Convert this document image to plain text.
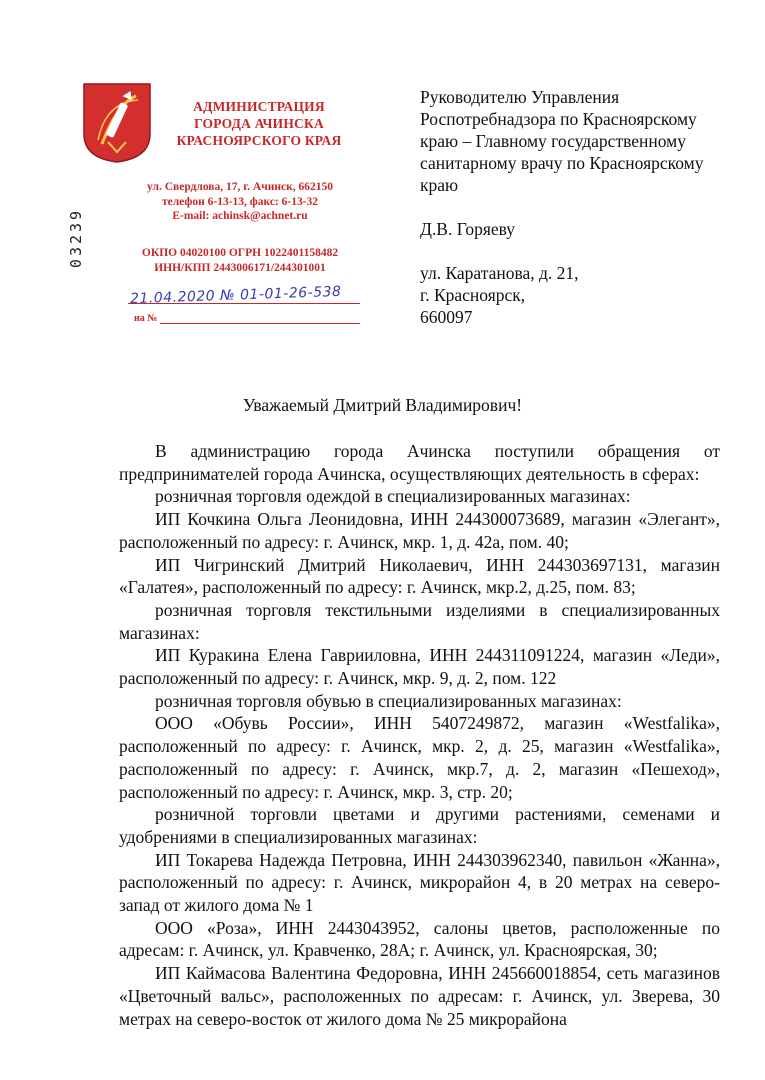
АДМИНИСТРАЦИЯ
ГОРОДА АЧИНСКА
КРАСНОЯРСКОГО КРАЯ
ул. Свердлова, 17, г. Ачинск, 662150
телефон 6-13-13, факс: 6-13-32
E-mail: achinsk@achnet.ru
ОКПО 04020100 ОГРН 1022401158482
ИНН/КПП 2443006171/244301001
21.04.2020 № 01-01-26-538
на №
03239
Руководителю Управления
Роспотребнадзора по Красноярскому
краю – Главному государственному
санитарному врачу по Красноярскому
краю
Д.В. Горяеву
ул. Каратанова, д. 21,
г. Красноярск,
660097
Уважаемый Дмитрий Владимирович!

В администрацию города Ачинска поступили обращения от предпринимателей города Ачинска, осуществляющих деятельность в сферах:

розничная торговля одеждой в специализированных магазинах:

ИП Кочкина Ольга Леонидовна, ИНН 244300073689, магазин «Элегант», расположенный по адресу: г. Ачинск, мкр. 1, д. 42а, пом. 40;

ИП Чигринский Дмитрий Николаевич, ИНН 244303697131, магазин «Галатея», расположенный по адресу: г. Ачинск, мкр.2, д.25, пом. 83;

розничная торговля текстильными изделиями в специализированных магазинах:

ИП Куракина Елена Гаврииловна, ИНН 244311091224, магазин «Леди», расположенный по адресу: г. Ачинск, мкр. 9, д. 2, пом. 122

розничная торговля обувью в специализированных магазинах:

ООО «Обувь России», ИНН 5407249872, магазин «Westfalika», расположенный по адресу: г. Ачинск, мкр. 2, д. 25, магазин «Westfalika», расположенный по адресу: г. Ачинск, мкр.7, д. 2, магазин «Пешеход», расположенный по адресу: г. Ачинск, мкр. 3, стр. 20;

розничной торговли цветами и другими растениями, семенами и удобрениями в специализированных магазинах:

ИП Токарева Надежда Петровна, ИНН 244303962340, павильон «Жанна», расположенный по адресу: г. Ачинск, микрорайон 4, в 20 метрах на северо-запад от жилого дома № 1

ООО «Роза», ИНН 2443043952, салоны цветов, расположенные по адресам: г. Ачинск, ул. Кравченко, 28А; г. Ачинск, ул. Красноярская, 30;

ИП Каймасова Валентина Федоровна, ИНН 245660018854, сеть магазинов «Цветочный вальс», расположенных по адресам: г. Ачинск, ул. Зверева, 30 метрах на северо-восток от жилого дома № 25 микрорайона
